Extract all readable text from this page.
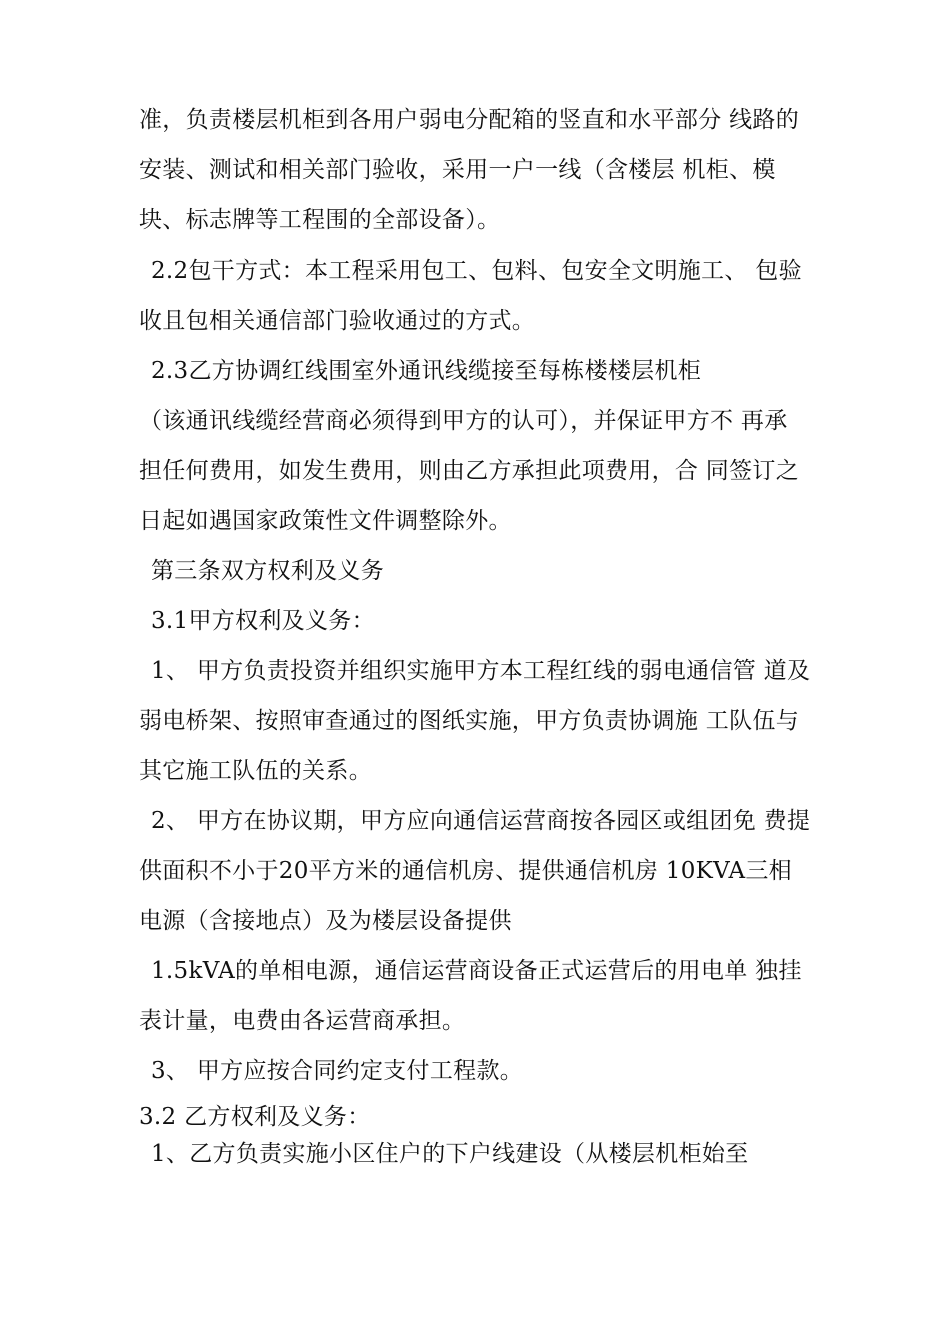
准，负责楼层机柜到各用户弱电分配箱的竖直和水平部分 线路的
安装、测试和相关部门验收，采用一户一线（含楼层 机柜、模
块、标志牌等工程围的全部设备）。
2.2包干方式：本工程采用包工、包料、包安全文明施工、 包验
收且包相关通信部门验收通过的方式。
2.3乙方协调红线围室外通讯线缆接至每栋楼楼层机柜
（该通讯线缆经营商必须得到甲方的认可），并保证甲方不 再承
担任何费用，如发生费用，则由乙方承担此项费用，合 同签订之
日起如遇国家政策性文件调整除外。
第三条双方权利及义务
3.1甲方权利及义务：
1、 甲方负责投资并组织实施甲方本工程红线的弱电通信管 道及
弱电桥架、按照审查通过的图纸实施，甲方负责协调施 工队伍与
其它施工队伍的关系。
2、 甲方在协议期，甲方应向通信运营商按各园区或组团免 费提
供面积不小于20平方米的通信机房、提供通信机房 10KVA三相
电源（含接地点）及为楼层设备提供
1.5kVA的单相电源，通信运营商设备正式运营后的用电单 独挂
表计量，电费由各运营商承担。
3、 甲方应按合同约定支付工程款。
3.2 乙方权利及义务：
1、乙方负责实施小区住户的下户线建设（从楼层机柜始至
